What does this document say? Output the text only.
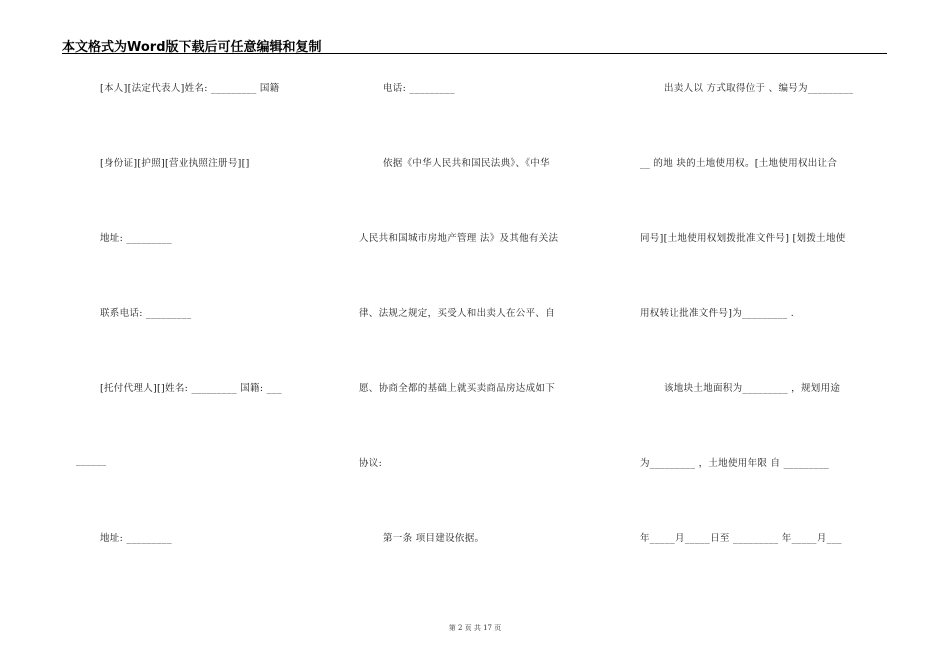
本文格式为Word版下载后可任意编辑和复制
[本人][法定代表人]姓名: _________ 国籍
[身份证][护照][营业执照注册号][]
地址: _________
联系电话: _________
[托付代理人][]姓名: _________ 国籍: ___
______
地址: _________
电话: _________
依据《中华人民共和国民法典》、《中华
人民共和国城市房地产管理 法》及其他有关法
律、法规之规定，买受人和出卖人在公平、自
愿、协商全都的基础上就买卖商品房达成如下
协议:
第一条 项目建设依据。
出卖人以 方式取得位于 、编号为_________
__ 的地 块的土地使用权。[土地使用权出让合
同号][土地使用权划拨批准文件号] [划拨土地使
用权转让批准文件号]为_________ .
该地块土地面积为_________ ，规划用途
为_________ ，土地使用年限 自 _________
年_____月_____日至 _________ 年_____月___
第 2 页 共 17 页
